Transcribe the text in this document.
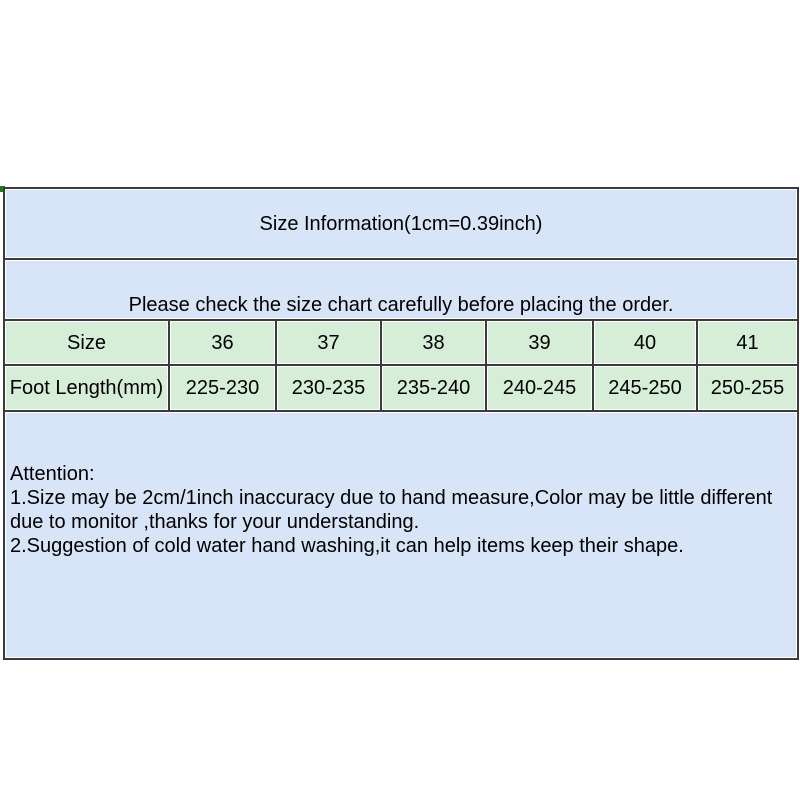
Size Information(1cm=0.39inch)						
Please check the size chart carefully before placing the order.						
Size	36	37	38	39	40	41
Foot Length(mm)	225-230	230-235	235-240	240-245	245-250	250-255

Attention:
1.Size may be 2cm/1inch inaccuracy due to hand measure,Color may be little different due to monitor ,thanks for your understanding.
2.Suggestion of cold water hand washing,it can help items keep their shape.						
